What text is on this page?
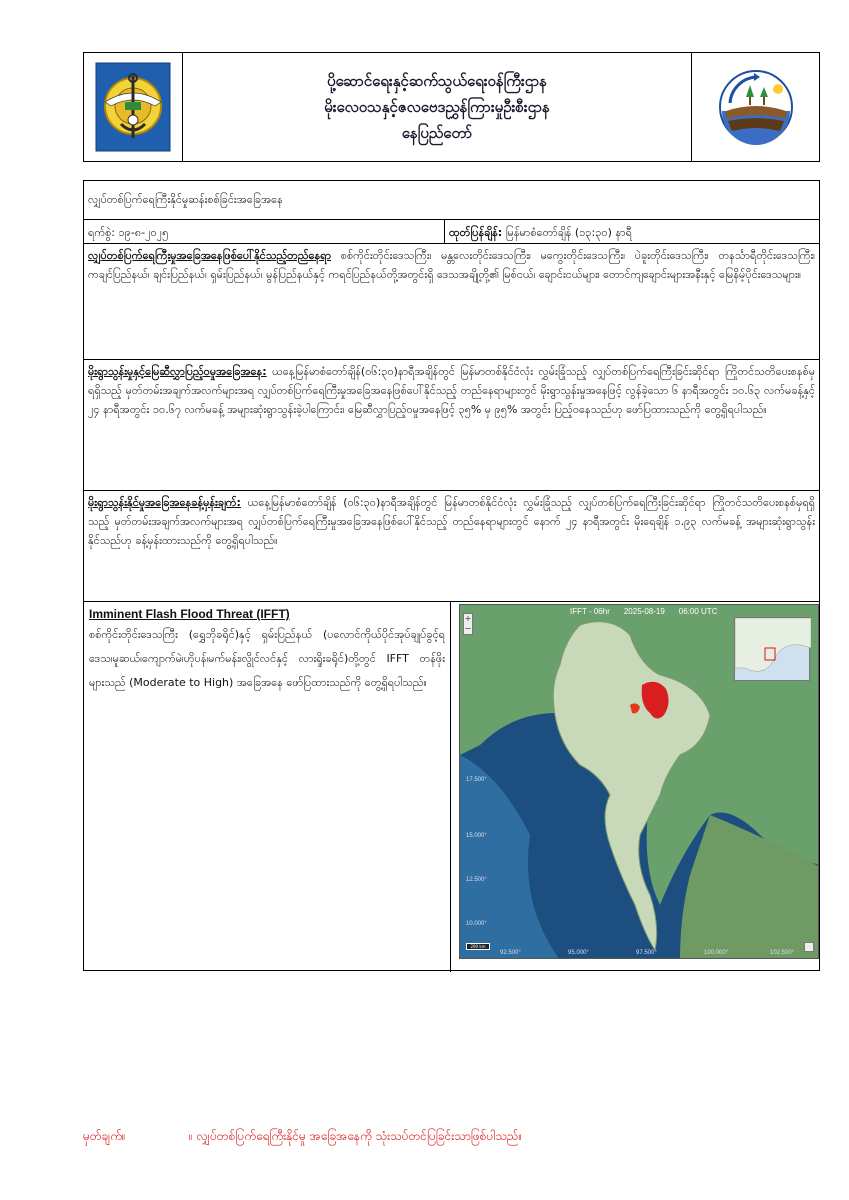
ပို့ဆောင်ရေးနှင့်ဆက်သွယ်ရေးဝန်ကြီးဌာန
မိုးလေဝသနှင့်ဇလဗေဒညွှန်ကြားမှုဦးစီးဌာန
နေပြည်တော်
လျှပ်တစ်ပြက်ရေကြီးနိုင်မှုဆန်းစစ်ခြင်းအခြေအနေ
ရက်စွဲ: ၁၉-၈-၂၀၂၅	ထုတ်ပြန်ချိန်: မြန်မာစံတော်ချိန် (၁၃:၃၀) နာရီ
လျှပ်တစ်ပြက်ရေကြီးမှုအခြေအနေဖြစ်ပေါ်နိုင်သည့်တည်နေရာ စစ်ကိုင်းတိုင်းဒေသကြီး၊ မန္တလေးတိုင်းဒေသကြီး၊ မကွေးတိုင်းဒေသကြီး၊ ပဲခူးတိုင်းဒေသကြီး၊ တနင်္သာရီတိုင်းဒေသကြီး၊ ကချင်ပြည်နယ်၊ ချင်းပြည်နယ်၊ ရှမ်းပြည်နယ်၊ မွန်ပြည်နယ်နှင့် ကရင်ပြည်နယ်တို့အတွင်းရှိ ဒေသအချို့တို့၏ မြစ်ငယ်၊ ချောင်းငယ်များ၊ တောင်ကျချောင်းများအနီးနှင့် မြေနိမ့်ပိုင်းဒေသများ။
မိုးရွာသွန်းမှုနှင့်မြေဆီလွှာပြည့်ဝမှုအခြေအနေ: ယနေ့မြန်မာစံတော်ချိန်(၀၆:၃၀)နာရီအချိန်တွင် မြန်မာတစ်နိုင်ငံလုံး လွှမ်းခြုံသည့် လျှပ်တစ်ပြက်ရေကြီးခြင်းဆိုင်ရာ ကြိုတင်သတိပေးစနစ်မှရရှိသည့် မှတ်တမ်းအချက်အလက်များအရ လျှပ်တစ်ပြက်ရေကြီးမှုအခြေအနေဖြစ်ပေါ်နိုင်သည့် တည်နေရာများတွင် မိုးရွာသွန်းမှုအနေဖြင့် လွန်ခဲ့သော ၆ နာရီအတွင်း ၁၀.၆၃ လက်မခန့်နှင့် ၂၄ နာရီအတွင်း ၁၀.၆၇ လက်မခန့် အများဆုံးရွာသွန်းခဲ့ပါကြောင်း၊ မြေဆီလွှာပြည့်ဝမှုအနေဖြင့် ၃၅% မှ ၉၅% အတွင်း ပြည့်ဝနေသည်ဟု ဖော်ပြထားသည်ကို တွေ့ရှိရပါသည်။
မိုးရွာသွန်းနိုင်မှုအခြေအနေခန့်မှန်းချက်: ယနေ့မြန်မာစံတော်ချိန် (၀၆:၃၀)နာရီအချိန်တွင် မြန်မာတစ်နိုင်ငံလုံး လွှမ်းခြုံသည့် လျှပ်တစ်ပြက်ရေကြီးခြင်းဆိုင်ရာ ကြိုတင်သတိပေးစနစ်မှရရှိသည့် မှတ်တမ်းအချက်အလက်များအရ လျှပ်တစ်ပြက်ရေကြီးမှုအခြေအနေဖြစ်ပေါ်နိုင်သည့် တည်နေရာများတွင် နောက် ၂၄ နာရီအတွင်း မိုးရေချိန် ၁.၉၃ လက်မခန့် အများဆုံးရွာသွန်းနိုင်သည်ဟု ခန့်မှန်းထားသည်ကို တွေ့ရှိရပါသည်။
Imminent Flash Flood Threat (IFFT)
စစ်ကိုင်းတိုင်းဒေသကြီး (ရွှေဘိုခရိုင်)နှင့် ရှမ်းပြည်နယ် (ပလောင်ကိုယ်ပိုင်အုပ်ချုပ်ခွင့်ရဒေသ၊မူဆယ်၊ကျောက်မဲ၊ဟိုပန်၊မက်မန်း၊လွိုင်လင်နှင့် လားရှိုးခရိုင်)တို့တွင် IFFT တန်ဖိုးများသည် (Moderate to High) အခြေအနေ ဖော်ပြထားသည်ကို တွေ့ရှိရပါသည်။
IFFT - 06hr 2025-08-19 06:00 UTC
+
−
17.500°
15.000°
12.500°
10.000°
92.500°	95.000°	97.500°	100.000°	102.500°
200 km
မှတ်ချက်။	။ လျှပ်တစ်ပြက်ရေကြီးနိုင်မှု အခြေအနေကို သုံးသပ်တင်ပြခြင်းသာဖြစ်ပါသည်။
